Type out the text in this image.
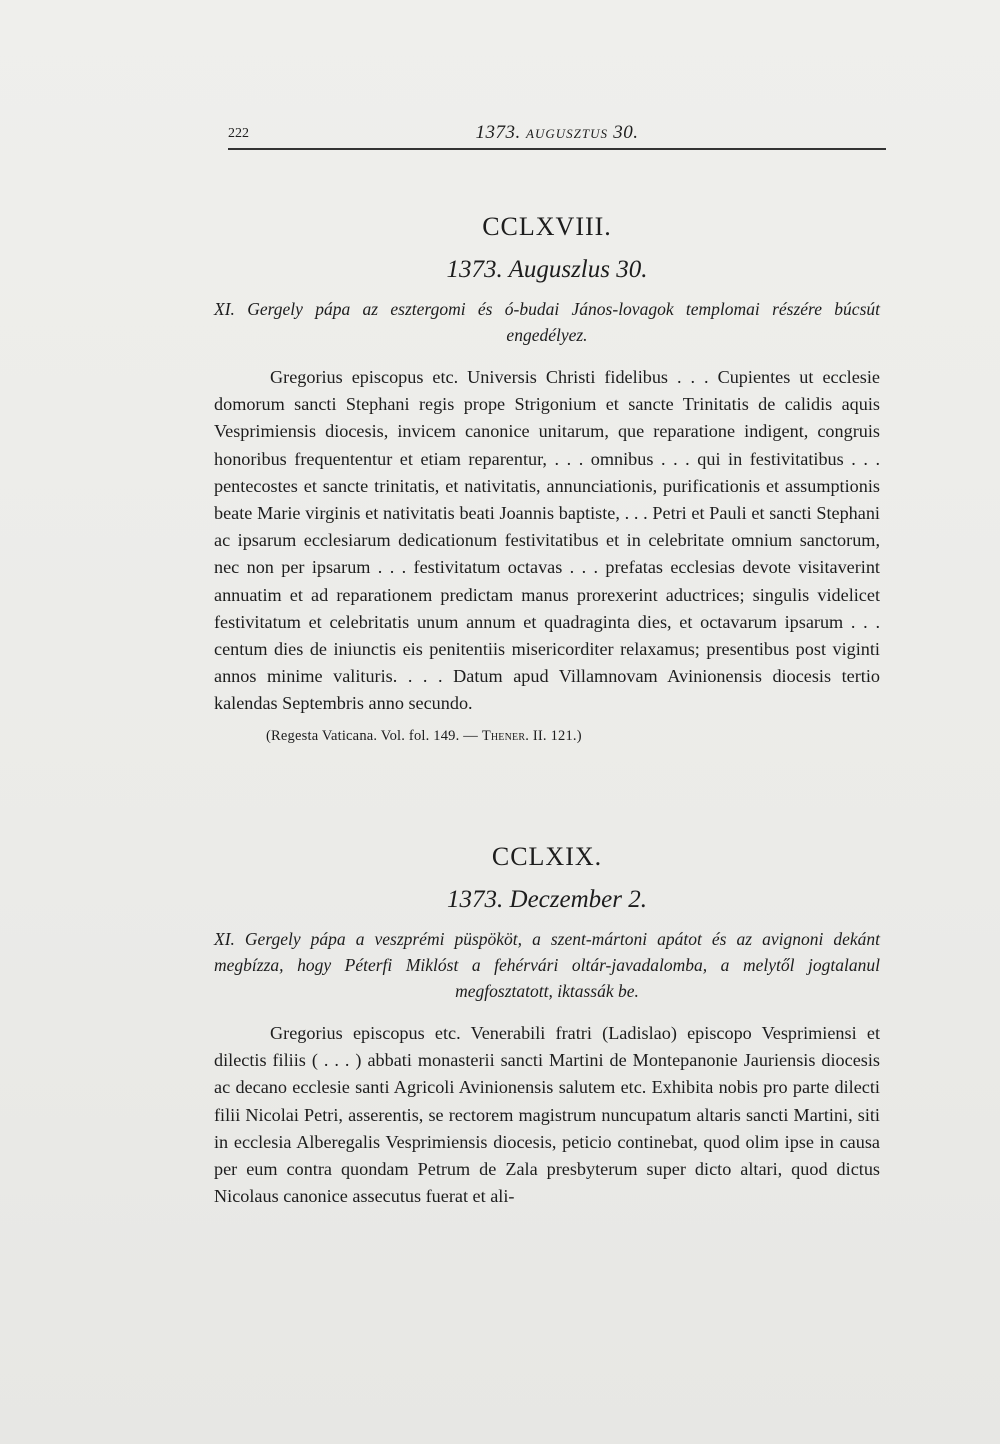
222	1373. AUGUSZTUS 30.
CCLXVIII.
1373. Auguszlus 30.
XI. Gergely pápa az esztergomi és ó-budai János-lovagok templomai részére búcsút engedélyez.
Gregorius episcopus etc. Universis Christi fidelibus . . . Cupientes ut ecclesie domorum sancti Stephani regis prope Strigonium et sancte Trinitatis de calidis aquis Vesprimiensis diocesis, invicem canonice unitarum, que reparatione indigent, congruis honoribus frequententur et etiam reparentur, . . . omnibus . . . qui in festivitatibus . . . pentecostes et sancte trinitatis, et nativitatis, annunciationis, purificationis et assumptionis beate Marie virginis et nativitatis beati Joannis baptiste, . . . Petri et Pauli et sancti Stephani ac ipsarum ecclesiarum dedicationum festivitatibus et in celebritate omnium sanctorum, nec non per ipsarum . . . festivitatum octavas . . . prefatas ecclesias devote visitaverint annuatim et ad reparationem predictam manus prorexerint aductrices; singulis videlicet festivitatum et celebritatis unum annum et quadraginta dies, et octavarum ipsarum . . . centum dies de iniunctis eis penitentiis misericorditer relaxamus; presentibus post viginti annos minime valituris. . . . Datum apud Villamnovam Avinionensis diocesis tertio kalendas Septembris anno secundo.
(Regesta Vaticana. Vol. fol. 149. — Thener. II. 121.)
CCLXIX.
1373. Deczember 2.
XI. Gergely pápa a veszprémi püspököt, a szent-mártoni apátot és az avignoni dekánt megbízza, hogy Péterfi Miklóst a fehérvári oltár-javadalomba, a melytől jogtalanul megfosztatott, iktassák be.
Gregorius episcopus etc. Venerabili fratri (Ladislao) episcopo Vesprimiensi et dilectis filiis ( . . . ) abbati monasterii sancti Martini de Montepanonie Jauriensis diocesis ac decano ecclesie santi Agricoli Avinionensis salutem etc. Exhibita nobis pro parte dilecti filii Nicolai Petri, asserentis, se rectorem magistrum nuncupatum altaris sancti Martini, siti in ecclesia Alberegalis Vesprimiensis diocesis, peticio continebat, quod olim ipse in causa per eum contra quondam Petrum de Zala presbyterum super dicto altari, quod dictus Nicolaus canonice assecutus fuerat et ali-
